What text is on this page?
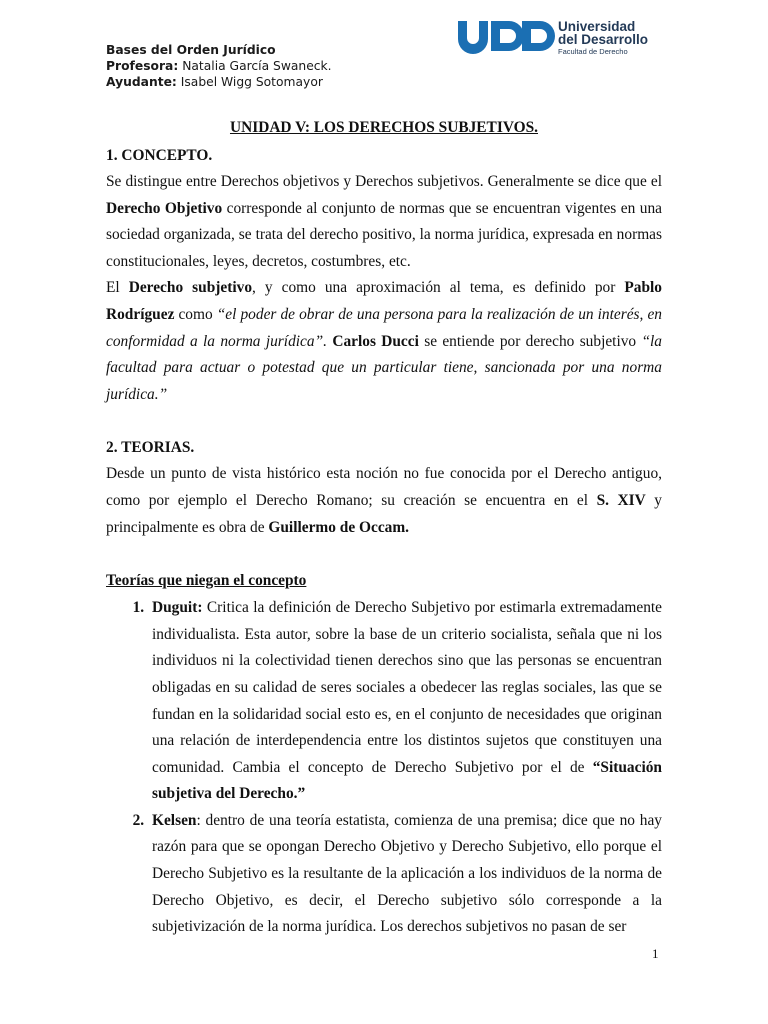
Bases del Orden Jurídico
Profesora: Natalia García Swaneck.
Ayudante: Isabel Wigg Sotomayor
Universidad
del Desarrollo
Facultad de Derecho
UNIDAD V: LOS DERECHOS SUBJETIVOS.
1. CONCEPTO.

Se distingue entre Derechos objetivos y Derechos subjetivos. Generalmente se dice que el Derecho Objetivo corresponde al conjunto de normas que se encuentran vigentes en una sociedad organizada, se trata del derecho positivo, la norma jurídica, expresada en normas constitucionales, leyes, decretos, costumbres, etc.

El Derecho subjetivo, y como una aproximación al tema, es definido por Pablo Rodríguez como “el poder de obrar de una persona para la realización de un interés, en conformidad a la norma jurídica”. Carlos Ducci se entiende por derecho subjetivo “la facultad para actuar o potestad que un particular tiene, sancionada por una norma jurídica.”

2. TEORIAS.

Desde un punto de vista histórico esta noción no fue conocida por el Derecho antiguo, como por ejemplo el Derecho Romano; su creación se encuentra en el S. XIV y principalmente es obra de Guillermo de Occam.

Teorías que niegan el concepto
1. Duguit: Critica la definición de Derecho Subjetivo por estimarla extremadamente individualista. Esta autor, sobre la base de un criterio socialista, señala que ni los individuos ni la colectividad tienen derechos sino que las personas se encuentran obligadas en su calidad de seres sociales a obedecer las reglas sociales, las que se fundan en la solidaridad social esto es, en el conjunto de necesidades que originan una relación de interdependencia entre los distintos sujetos que constituyen una comunidad. Cambia el concepto de Derecho Subjetivo por el de “Situación subjetiva del Derecho.”
2. Kelsen: dentro de una teoría estatista, comienza de una premisa; dice que no hay razón para que se opongan Derecho Objetivo y Derecho Subjetivo, ello porque el Derecho Subjetivo es la resultante de la aplicación a los individuos de la norma de Derecho Objetivo, es decir, el Derecho subjetivo sólo corresponde a la subjetivización de la norma jurídica. Los derechos subjetivos no pasan de ser
1
